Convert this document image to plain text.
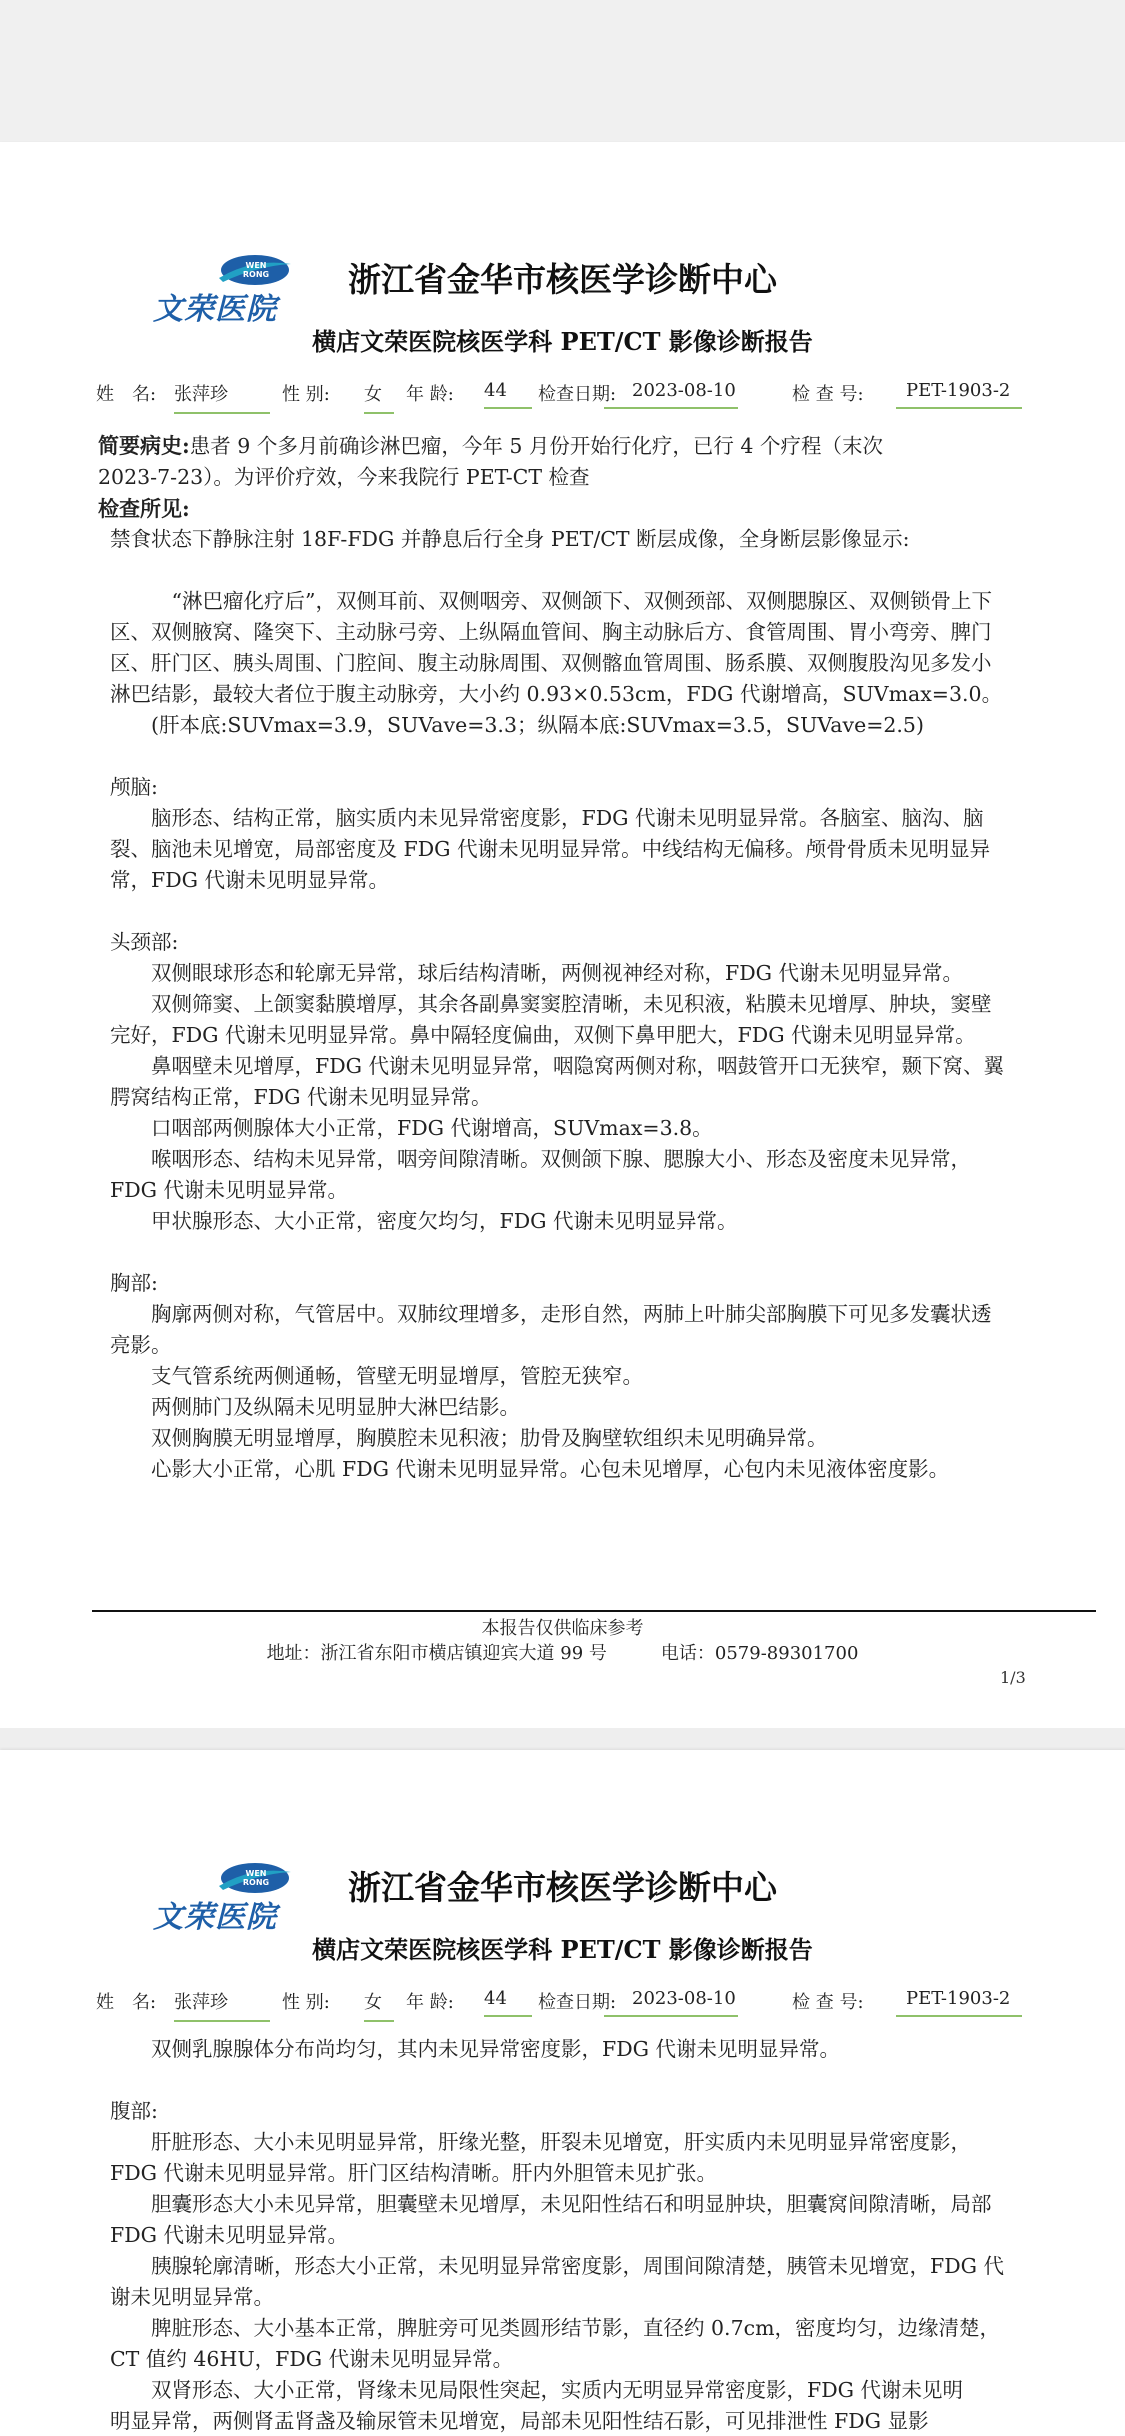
WEN
RONG
文荣医院
浙江省金华市核医学诊断中心
横店文荣医院核医学科 PET/CT 影像诊断报告
姓　名: 张萍珍	性 别: 女	年 龄: 44	检查日期: 2023-08-10	检 查 号:	PET-1903-2

简要病史:患者 9 个多月前确诊淋巴瘤，今年 5 月份开始行化疗，已行 4 个疗程（末次

2023-7-23）。为评价疗效，今来我院行 PET-CT 检查

检查所见:

禁食状态下静脉注射 18F-FDG 并静息后行全身 PET/CT 断层成像，全身断层影像显示:

“淋巴瘤化疗后”，双侧耳前、双侧咽旁、双侧颌下、双侧颈部、双侧腮腺区、双侧锁骨上下区、双侧腋窝、隆突下、主动脉弓旁、上纵隔血管间、胸主动脉后方、食管周围、胃小弯旁、脾门区、肝门区、胰头周围、门腔间、腹主动脉周围、双侧髂血管周围、肠系膜、双侧腹股沟见多发小淋巴结影，最较大者位于腹主动脉旁，大小约 0.93×0.53cm，FDG 代谢增高，SUVmax=3.0。

(肝本底:SUVmax=3.9，SUVave=3.3；纵隔本底:SUVmax=3.5，SUVave=2.5)

颅脑:

脑形态、结构正常，脑实质内未见异常密度影，FDG 代谢未见明显异常。各脑室、脑沟、脑裂、脑池未见增宽，局部密度及 FDG 代谢未见明显异常。中线结构无偏移。颅骨骨质未见明显异常，FDG 代谢未见明显异常。

头颈部:

双侧眼球形态和轮廓无异常，球后结构清晰，两侧视神经对称，FDG 代谢未见明显异常。

双侧筛窦、上颌窦黏膜增厚，其余各副鼻窦窦腔清晰，未见积液，粘膜未见增厚、肿块，窦壁完好，FDG 代谢未见明显异常。鼻中隔轻度偏曲，双侧下鼻甲肥大，FDG 代谢未见明显异常。

鼻咽壁未见增厚，FDG 代谢未见明显异常，咽隐窝两侧对称，咽鼓管开口无狭窄，颞下窝、翼腭窝结构正常，FDG 代谢未见明显异常。

口咽部两侧腺体大小正常，FDG 代谢增高，SUVmax=3.8。

喉咽形态、结构未见异常，咽旁间隙清晰。双侧颌下腺、腮腺大小、形态及密度未见异常，FDG 代谢未见明显异常。

甲状腺形态、大小正常，密度欠均匀，FDG 代谢未见明显异常。

胸部:

胸廓两侧对称，气管居中。双肺纹理增多，走形自然，两肺上叶肺尖部胸膜下可见多发囊状透亮影。

支气管系统两侧通畅，管壁无明显增厚，管腔无狭窄。

两侧肺门及纵隔未见明显肿大淋巴结影。

双侧胸膜无明显增厚，胸膜腔未见积液；肋骨及胸壁软组织未见明确异常。

心影大小正常，心肌 FDG 代谢未见明显异常。心包未见增厚，心包内未见液体密度影。

本报告仅供临床参考
地址：浙江省东阳市横店镇迎宾大道 99 号　　　电话：0579-89301700
1/3
WEN
RONG
文荣医院
浙江省金华市核医学诊断中心
横店文荣医院核医学科 PET/CT 影像诊断报告
姓　名: 张萍珍	性 别: 女	年 龄: 44	检查日期: 2023-08-10	检 查 号:	PET-1903-2

双侧乳腺腺体分布尚均匀，其内未见异常密度影，FDG 代谢未见明显异常。

腹部:

肝脏形态、大小未见明显异常，肝缘光整，肝裂未见增宽，肝实质内未见明显异常密度影，FDG 代谢未见明显异常。肝门区结构清晰。肝内外胆管未见扩张。

胆囊形态大小未见异常，胆囊壁未见增厚，未见阳性结石和明显肿块，胆囊窝间隙清晰，局部 FDG 代谢未见明显异常。

胰腺轮廓清晰，形态大小正常，未见明显异常密度影，周围间隙清楚，胰管未见增宽，FDG 代谢未见明显异常。

脾脏形态、大小基本正常，脾脏旁可见类圆形结节影，直径约 0.7cm，密度均匀，边缘清楚，CT 值约 46HU，FDG 代谢未见明显异常。

双肾形态、大小正常，肾缘未见局限性突起，实质内无明显异常密度影，FDG 代谢未见明

明显异常，两侧肾盂肾盏及输尿管未见增宽，局部未见阳性结石影，可见排泄性 FDG 显影
